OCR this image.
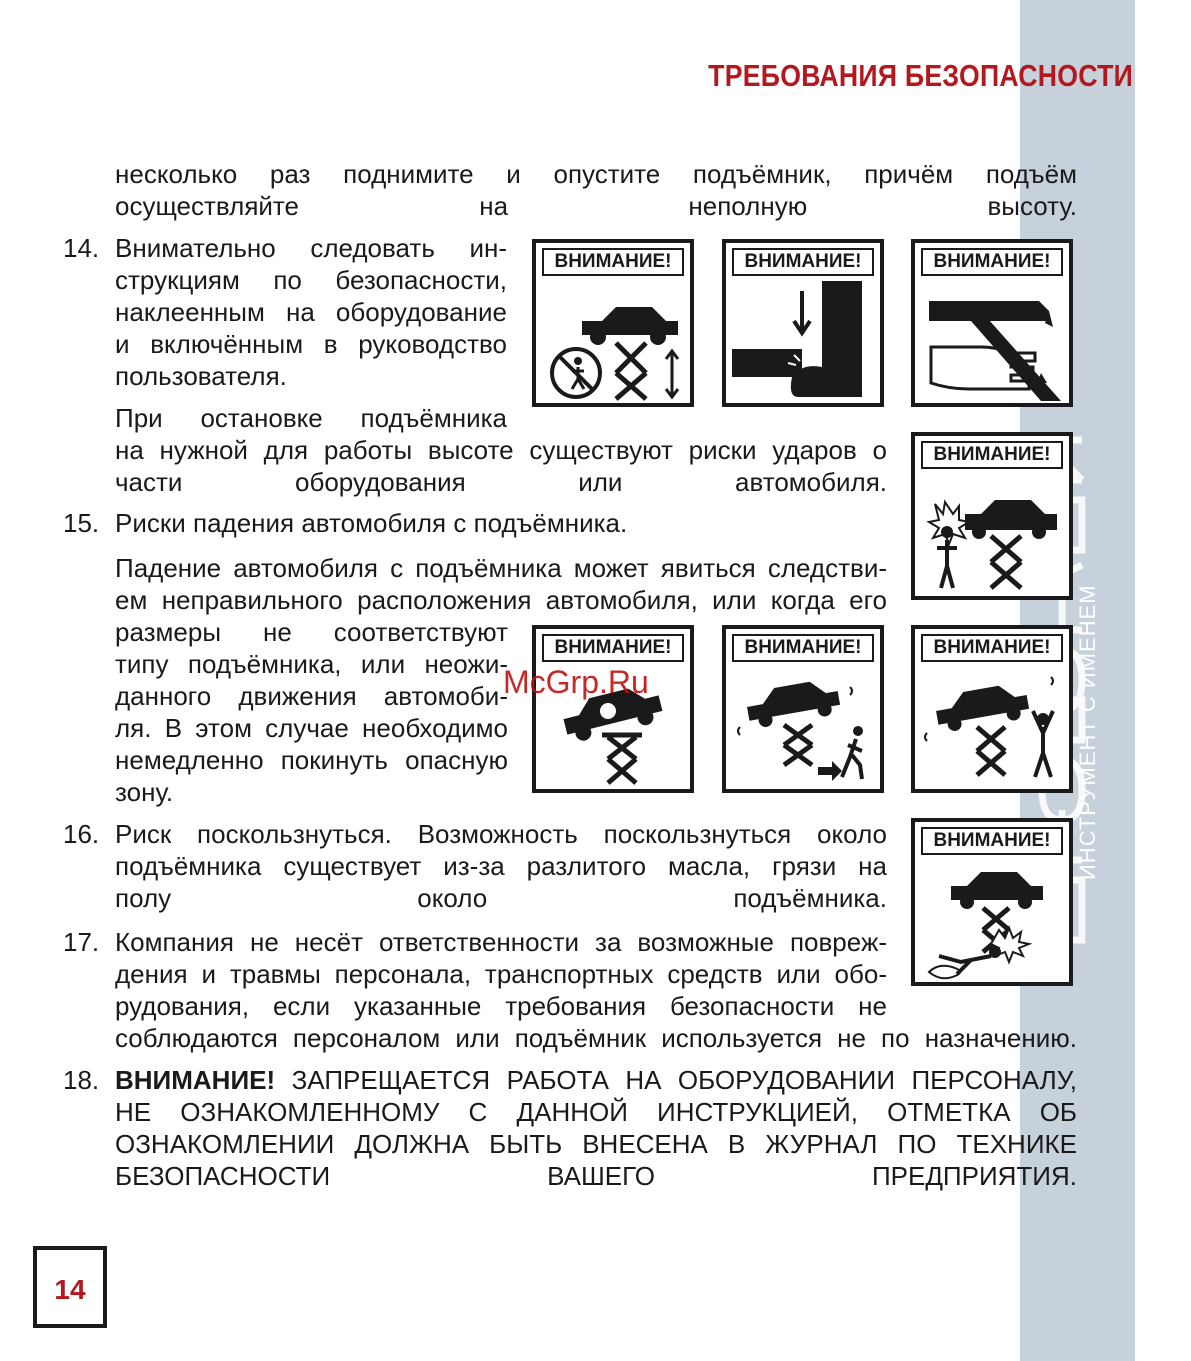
ИНСТРУМЕНТ С ИМЕНЕМ
ТРЕБОВАНИЯ БЕЗОПАСНОСТИ
несколько раз поднимите и опустите подъёмник, причём подъём
осуществляйте на неполную высоту.
14. Внимательно следовать ин-
струкциям по безопасности,
наклеенным на оборудование
и включённым в руководство
пользователя.
При остановке подъёмника
на нужной для работы высоте существуют риски ударов о
части оборудования или автомобиля.
15. Риски падения автомобиля с подъёмника.
Падение автомобиля с подъёмника может явиться следстви-
ем неправильного расположения автомобиля, или когда его
размеры не соответствуют
типу подъёмника, или неожи-
данного движения автомоби-
ля. В этом случае необходимо
немедленно покинуть опасную
зону.
16. Риск поскользнуться. Возможность поскользнуться около
подъёмника существует из-за разлитого масла, грязи на
полу около подъёмника.
17. Компания не несёт ответственности за возможные повреж-
дения и травмы персонала, транспортных средств или обо-
рудования, если указанные требования безопасности не
соблюдаются персоналом или подъёмник используется не по назначению.
18. ВНИМАНИЕ! ЗАПРЕЩАЕТСЯ РАБОТА НА ОБОРУДОВАНИИ ПЕРСОНАЛУ,
НЕ ОЗНАКОМЛЕННОМУ С ДАННОЙ ИНСТРУКЦИЕЙ, ОТМЕТКА ОБ
ОЗНАКОМЛЕНИИ ДОЛЖНА БЫТЬ ВНЕСЕНА В ЖУРНАЛ ПО ТЕХНИКЕ
БЕЗОПАСНОСТИ ВАШЕГО ПРЕДПРИЯТИЯ.
ВНИМАНИЕ!	ВНИМАНИЕ!	ВНИМАНИЕ!
ВНИМАНИЕ!
ВНИМАНИЕ!	ВНИМАНИЕ!	ВНИМАНИЕ!
ВНИМАНИЕ!
McGrp.Ru
14
